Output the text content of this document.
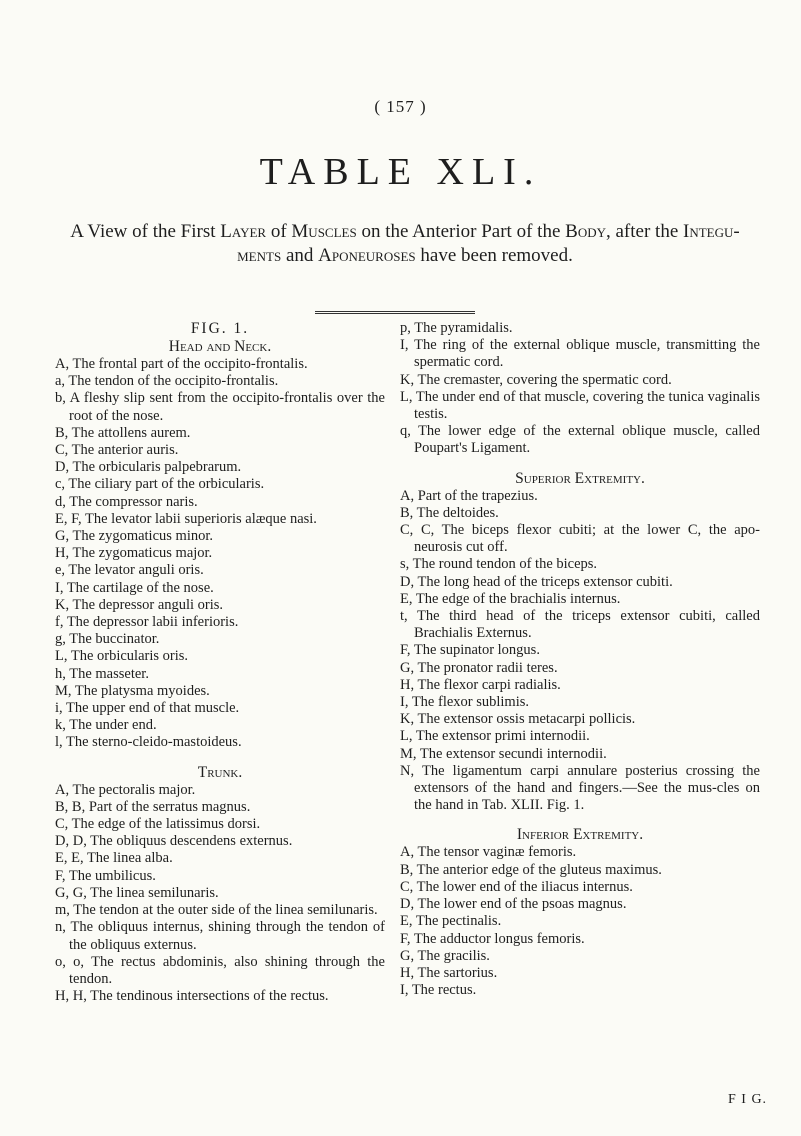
( 157 )
TABLE XLI.
A View of the First Layer of Muscles on the Anterior Part of the Body, after the Integu-ments and Aponeuroses have been removed.
FIG. 1.
Head and Neck.
A, The frontal part of the occipito-frontalis.
a, The tendon of the occipito-frontalis.
b, A fleshy slip sent from the occipito-frontalis over the root of the nose.
B, The attollens aurem.
C, The anterior auris.
D, The orbicularis palpebrarum.
c, The ciliary part of the orbicularis.
d, The compressor naris.
E, F, The levator labii superioris alæque nasi.
G, The zygomaticus minor.
H, The zygomaticus major.
e, The levator anguli oris.
I, The cartilage of the nose.
K, The depressor anguli oris.
f, The depressor labii inferioris.
g, The buccinator.
L, The orbicularis oris.
h, The masseter.
M, The platysma myoides.
i, The upper end of that muscle.
k, The under end.
l, The sterno-cleido-mastoideus.
Trunk.
A, The pectoralis major.
B, B, Part of the serratus magnus.
C, The edge of the latissimus dorsi.
D, D, The obliquus descendens externus.
E, E, The linea alba.
F, The umbilicus.
G, G, The linea semilunaris.
m, The tendon at the outer side of the linea semilunaris.
n, The obliquus internus, shining through the tendon of the obliquus externus.
o, o, The rectus abdominis, also shining through the tendon.
H, H, The tendinous intersections of the rectus.
p, The pyramidalis.
I, The ring of the external oblique muscle, transmitting the spermatic cord.
K, The cremaster, covering the spermatic cord.
L, The under end of that muscle, covering the tunica vaginalis testis.
q, The lower edge of the external oblique muscle, called Poupart's Ligament.
Superior Extremity.
A, Part of the trapezius.
B, The deltoides.
C, C, The biceps flexor cubiti; at the lower C, the apo-neurosis cut off.
s, The round tendon of the biceps.
D, The long head of the triceps extensor cubiti.
E, The edge of the brachialis internus.
t, The third head of the triceps extensor cubiti, called Brachialis Externus.
F, The supinator longus.
G, The pronator radii teres.
H, The flexor carpi radialis.
I, The flexor sublimis.
K, The extensor ossis metacarpi pollicis.
L, The extensor primi internodii.
M, The extensor secundi internodii.
N, The ligamentum carpi annulare posterius crossing the extensors of the hand and fingers.—See the mus-cles on the hand in Tab. XLII. Fig. 1.
Inferior Extremity.
A, The tensor vaginæ femoris.
B, The anterior edge of the gluteus maximus.
C, The lower end of the iliacus internus.
D, The lower end of the psoas magnus.
E, The pectinalis.
F, The adductor longus femoris.
G, The gracilis.
H, The sartorius.
I, The rectus.
F I G.
